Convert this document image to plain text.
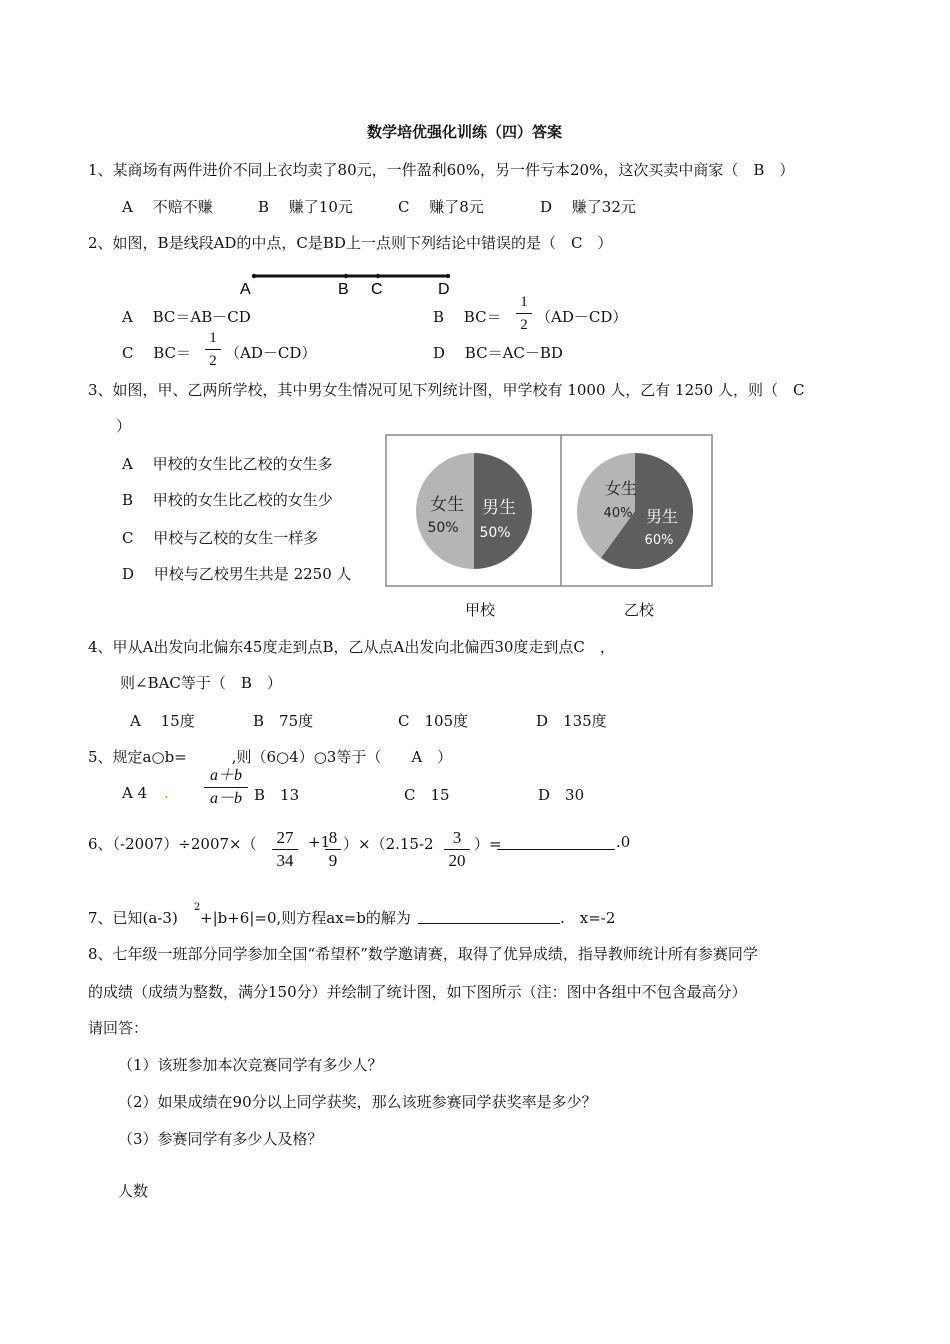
数学培优强化训练（四）答案
1、某商场有两件进价不同上衣均卖了80元，一件盈利60%，另一件亏本20%，这次买卖中商家（　B　）
A　 不赔不赚	B　 赚了10元	C　 赚了8元	D　 赚了32元
2、如图，B是线段AD的中点，C是BD上一点则下列结论中错误的是（　C　）
A	B C	D
A　 BC＝AB－CD	B　 BC＝
1
2 （AD－CD）
C　 BC＝
1
2 （AD－CD）	D　 BC＝AC－BD
3、如图，甲、乙两所学校，其中男女生情况可见下列统计图，甲学校有 1000 人，乙有 1250 人，则（　C
）
A　 甲校的女生比乙校的女生多
B　 甲校的女生比乙校的女生少
C　 甲校与乙校的女生一样多
D　 甲校与乙校男生共是 2250 人
女生
50%
男生
50%
女生
40% 男生
60%
甲校	乙校
4、甲从A出发向北偏东45度走到点B，乙从点A出发向北偏西30度走到点C　，
则∠BAC等于（　B　）
A　 15度	B　75度	C　105度	D　135度
5、规定a○b=　　　,则（6○4）○3等于（　　A　）
a＋b
a－b
A 4 .	B　13	C　15	D　30
6、（-2007）÷2007×（ 27
34
+1
8
9
）×（2.15-2	3
20
）=	.0
7、已知(a-3)
2
+|b+6|=0,则方程ax=b的解为	.　x=-2
8、七年级一班部分同学参加全国“希望杯”数学邀请赛，取得了优异成绩，指导教师统计所有参赛同学
的成绩（成绩为整数，满分150分）并绘制了统计图，如下图所示（注：图中各组中不包含最高分）
请回答：
（1）该班参加本次竞赛同学有多少人？
（2）如果成绩在90分以上同学获奖，那么该班参赛同学获奖率是多少？
（3）参赛同学有多少人及格？
人数
